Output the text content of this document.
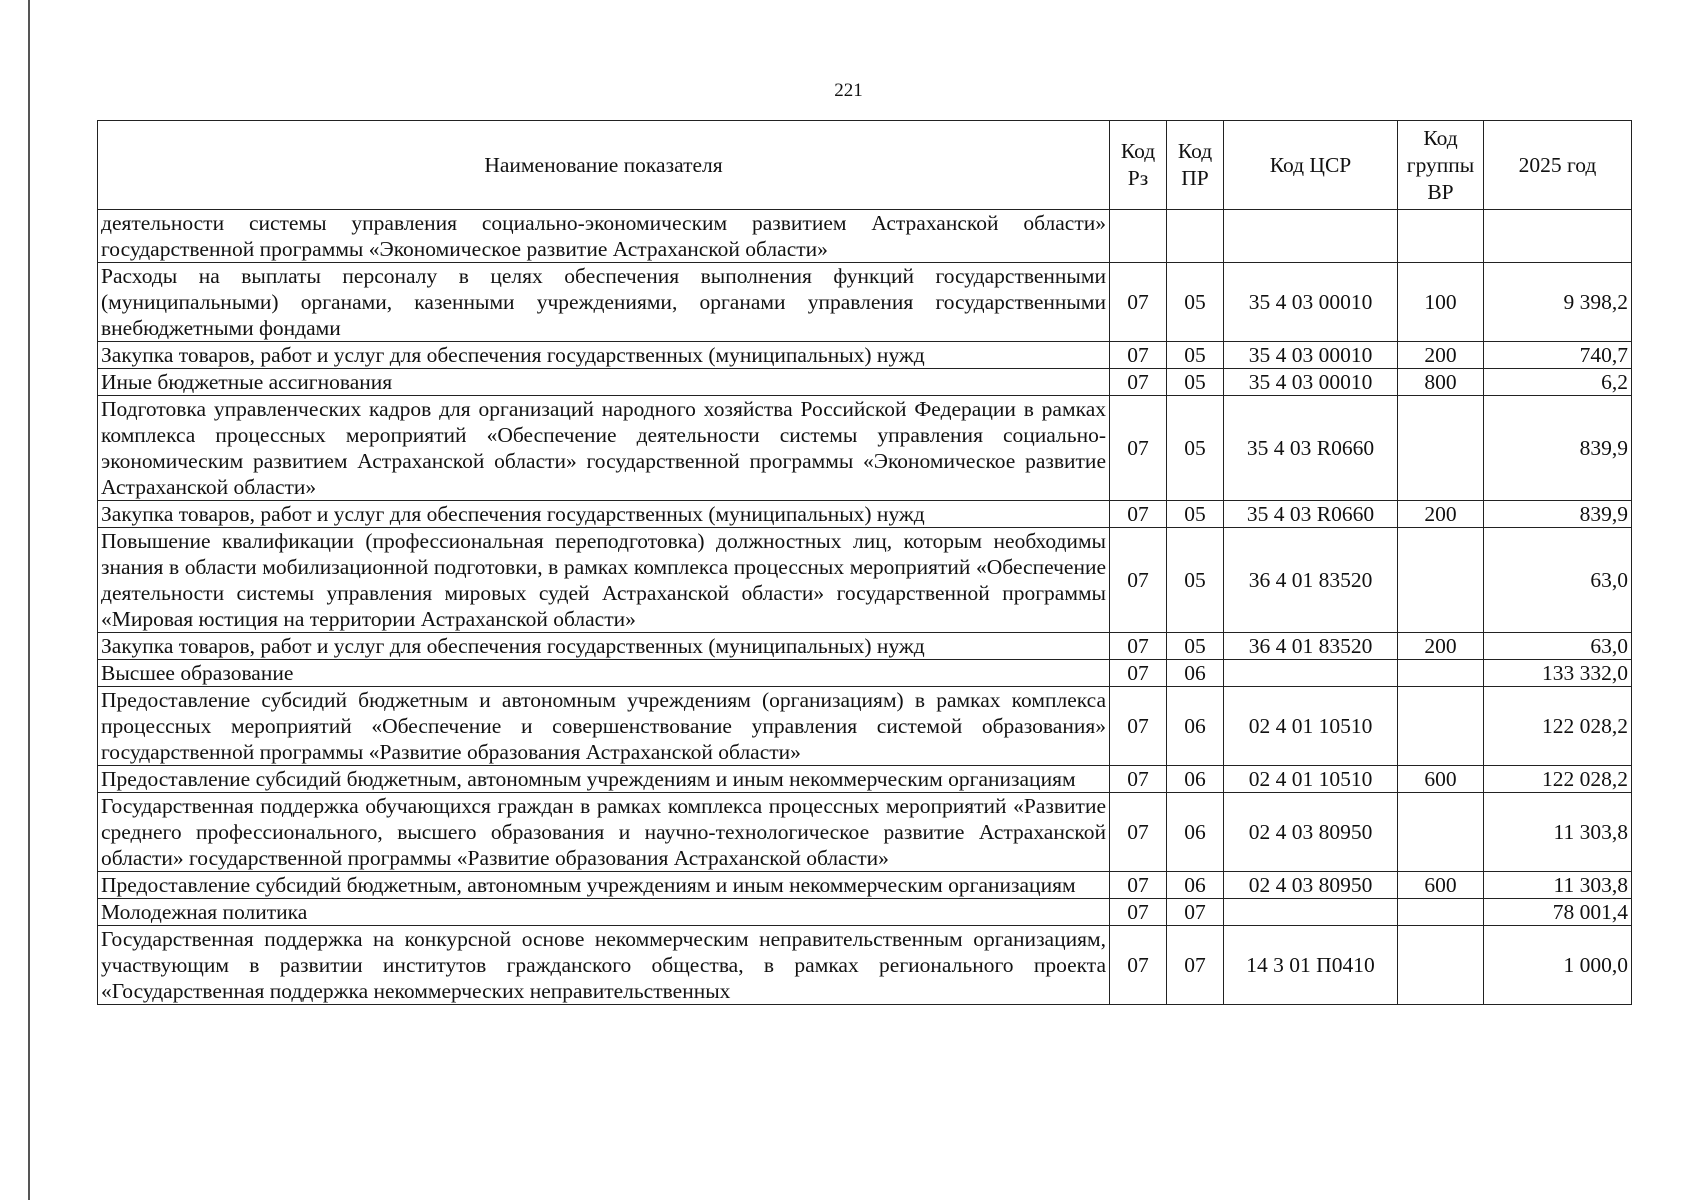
221
Наименование показателя	Код Рз	Код ПР	Код ЦСР	Код группы ВР	2025 год
деятельности системы управления социально-экономическим развитием Астраханской области» государственной программы «Экономическое развитие Астраханской области»					
Расходы на выплаты персоналу в целях обеспечения выполнения функций государственными (муниципальными) органами, казенными учреждениями, органами управления государственными внебюджетными фондами	07	05	35 4 03 00010	100	9 398,2
Закупка товаров, работ и услуг для обеспечения государственных (муниципальных) нужд	07	05	35 4 03 00010	200	740,7
Иные бюджетные ассигнования	07	05	35 4 03 00010	800	6,2
Подготовка управленческих кадров для организаций народного хозяйства Российской Федерации в рамках комплекса процессных мероприятий «Обеспечение деятельности системы управления социально-экономическим развитием Астраханской области» государственной программы «Экономическое развитие Астраханской области»	07	05	35 4 03 R0660		839,9
Закупка товаров, работ и услуг для обеспечения государственных (муниципальных) нужд	07	05	35 4 03 R0660	200	839,9
Повышение квалификации (профессиональная переподготовка) должностных лиц, которым необходимы знания в области мобилизационной подготовки, в рамках комплекса процессных мероприятий «Обеспечение деятельности системы управления мировых судей Астраханской области» государственной программы «Мировая юстиция на территории Астраханской области»	07	05	36 4 01 83520		63,0
Закупка товаров, работ и услуг для обеспечения государственных (муниципальных) нужд	07	05	36 4 01 83520	200	63,0
Высшее образование	07	06			133 332,0
Предоставление субсидий бюджетным и автономным учреждениям (организациям) в рамках комплекса процессных мероприятий «Обеспечение и совершенствование управления системой образования» государственной программы «Развитие образования Астраханской области»	07	06	02 4 01 10510		122 028,2
Предоставление субсидий бюджетным, автономным учреждениям и иным некоммерческим организациям	07	06	02 4 01 10510	600	122 028,2
Государственная поддержка обучающихся граждан в рамках комплекса процессных мероприятий «Развитие среднего профессионального, высшего образования и научно-технологическое развитие Астраханской области» государственной программы «Развитие образования Астраханской области»	07	06	02 4 03 80950		11 303,8
Предоставление субсидий бюджетным, автономным учреждениям и иным некоммерческим организациям	07	06	02 4 03 80950	600	11 303,8
Молодежная политика	07	07			78 001,4
Государственная поддержка на конкурсной основе некоммерческим неправительственным организациям, участвующим в развитии институтов гражданского общества, в рамках регионального проекта «Государственная поддержка некоммерческих неправительственных	07	07	14 3 01 П0410		1 000,0
